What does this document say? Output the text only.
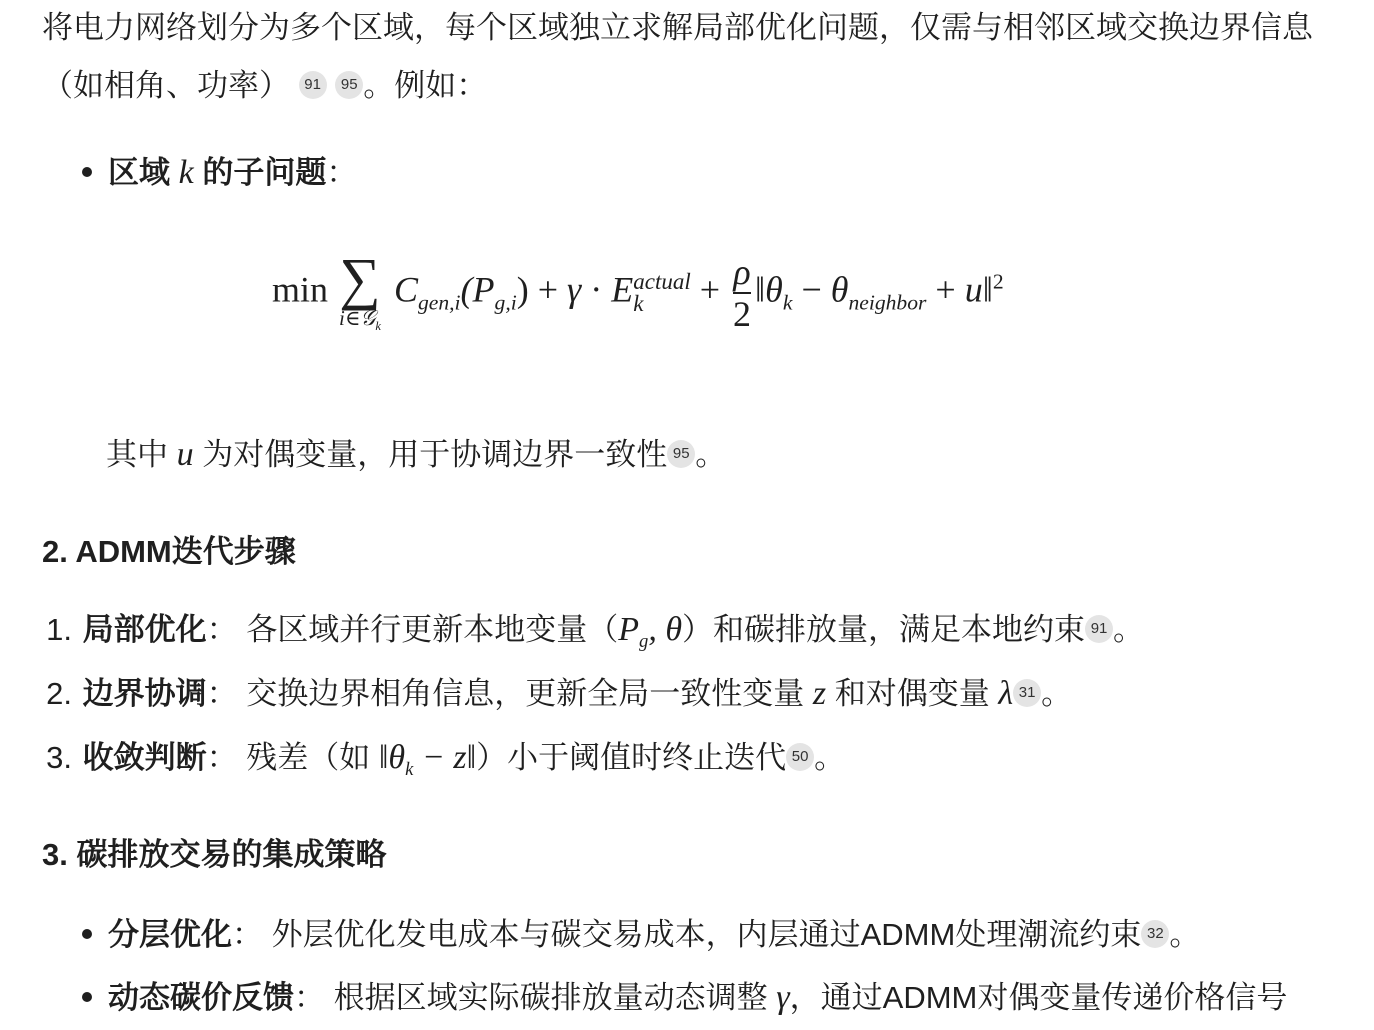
将电力网络划分为多个区域，每个区域独立求解局部优化问题，仅需与相邻区域交换边界信息
（如相角、功率） 91 95 。例如：
区域 k 的子问题：
min ∑
i∈𝒢$_k$
$C_{gen,i}(P_{g,i}) + \gamma \cdot E$ actual
k	+ $\frac{\rho}{2}$ $‖\theta_k - \theta_{neighbor}$ + u‖$^2$
其中 u 为对偶变量，用于协调边界一致性 95 。
2. ADMM迭代步骤
1. 局部优化： 各区域并行更新本地变量（$P_g$, θ）和碳排放量，满足本地约束 91 。
2. 边界协调： 交换边界相角信息，更新全局一致性变量 z 和对偶变量 λ 31 。
3. 收敛判断： 残差（如 $‖\theta_k$ − z‖）小于阈值时终止迭代 50 。
3. 碳排放交易的集成策略
分层优化： 外层优化发电成本与碳交易成本，内层通过ADMM处理潮流约束 32 。
动态碳价反馈： 根据区域实际碳排放量动态调整 γ，通过ADMM对偶变量传递价格信号
